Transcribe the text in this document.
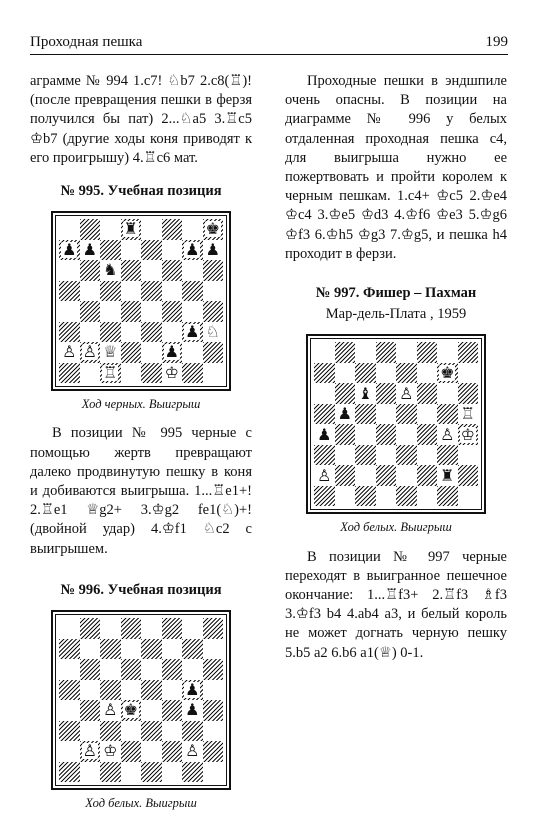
Проходная пешка	199

агрaмме № 994 1.c7! ♘b7 2.c8(♖)! (после превращения пешки в ферзя получился бы пат) 2...♘a5 3.♖c5 ♔b7 (другие ходы коня приводят к его проигрышу) 4.♖c6 мат.

№ 995. Учебная позиция
♜	♚
♟ ♟	♟ ♟
♞
♟ ♘
♙ ♙ ♕	♟
♖	♔
Ход черных. Выигрыш

В позиции № 995 черные с помощью жертв превращают далеко продвинутую пешку в коня и добиваются выигрыша. 1...♖e1+! 2.♖e1 ♕g2+ 3.♔g2 fe1(♘)+! (двойной удар) 4.♔f1 ♘c2 с выигрышем.

№ 996. Учебная позиция
♟
♙ ♚	♟
♙ ♔	♙
Ход белых. Выигрыш

Проходные пешки в эндшпиле очень опасны. В позиции на диаграмме № 996 у белых отдаленная проходная пешка с4, для выигрыша нужно ее пожертвовать и пройти королем к черным пешкам. 1.c4+ ♔c5 2.♔e4 ♔c4 3.♔e5 ♔d3 4.♔f6 ♔e3 5.♔g6 ♔f3 6.♔h5 ♔g3 7.♔g5, и пешка h4 проходит в ферзи.

№ 997. Фишер – Пахман
Мар-дель-Плата , 1959
♚
♝ ♙
♟	♖
♟	♙ ♔
♙	♜
Ход белых. Выигрыш

В позиции № 997 черные переходят в выигранное пешечное окончание: 1...♖f3+ 2.♖f3 ♗f3 3.♔f3 b4 4.ab4 a3, и белый король не может догнать черную пешку 5.b5 a2 6.b6 a1(♕) 0-1.
